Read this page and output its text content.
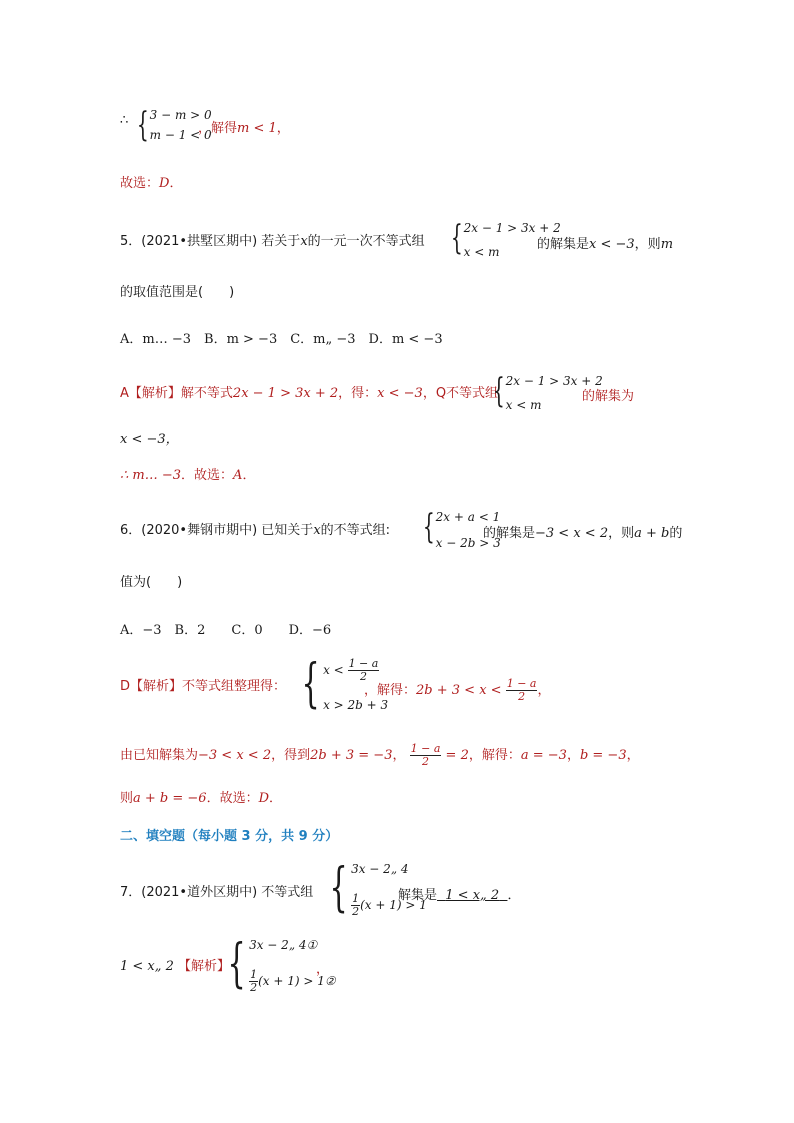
∴ { 3 − m > 0
m − 1 < 0
，解得m < 1，
故选：D．
5．(2021•拱墅区期中) 若关于x的一元一次不等式组 { 2x − 1 > 3x + 2
x < m	的解集是x < −3，则m
的取值范围是(　　)
A．m… −3　B．m > −3　C．m„ −3　D．m < −3
A【解析】解不等式2x − 1 > 3x + 2，得：x < −3，Q不等式组
{ 2x − 1 > 3x + 2
x < m
的解集为
x < −3，
∴ m… −3．故选：A．
6．(2020•舞钢市期中) 已知关于x的不等式组: { 2x + a < 1
x − 2b > 3
的解集是−3 < x < 2，则a + b的
值为(　　)
A．−3　B．2　　C．0　　D．−6
D【解析】不等式组整理得： { $x < \frac{1 - a}{2}$
x > 2b + 3
，解得：$2b + 3 < x < \frac{1 - a}{2}$ ，
由已知解集为−3 < x < 2，得到2b + 3 = −3， $\frac{1 - a}{2} = 2$，解得：a = −3，b = −3，
则a + b = −6．故选：D．
二、填空题（每小题 3 分，共 9 分）
7．(2021•道外区期中) 不等式组 { 3x − 2„ 4
$\frac{1}{2} (x + 1) > 1$
解集是 1 < x„ 2 ．
1 < x„ 2 【解析】
{ 3x − 2„ 4①
$\frac{1}{2} (x + 1)$ > 1②
，
